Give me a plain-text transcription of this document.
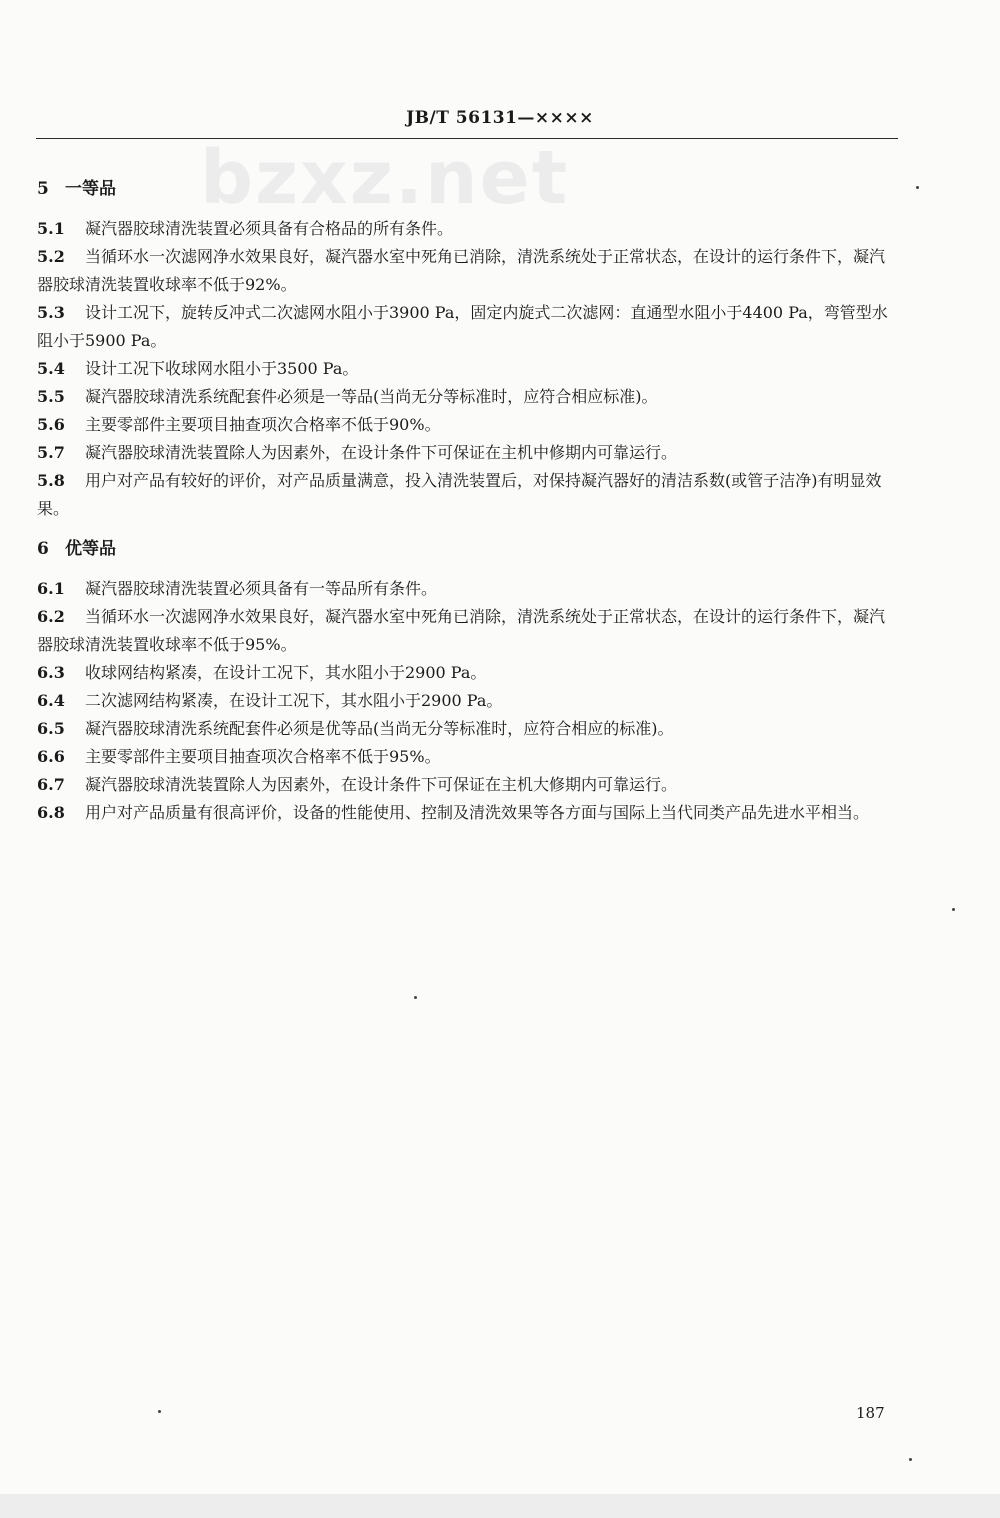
bzxz.net
JB/T 56131—××××
5 一等品

5.1 凝汽器胶球清洗装置必须具备有合格品的所有条件。

5.2 当循环水一次滤网净水效果良好，凝汽器水室中死角已消除，清洗系统处于正常状态，在设计的运行条件下，凝汽器胶球清洗装置收球率不低于92%。

5.3 设计工况下，旋转反冲式二次滤网水阻小于3900 Pa，固定内旋式二次滤网：直通型水阻小于4400 Pa，弯管型水阻小于5900 Pa。

5.4 设计工况下收球网水阻小于3500 Pa。

5.5 凝汽器胶球清洗系统配套件必须是一等品(当尚无分等标准时，应符合相应标准)。

5.6 主要零部件主要项目抽查项次合格率不低于90%。

5.7 凝汽器胶球清洗装置除人为因素外，在设计条件下可保证在主机中修期内可靠运行。

5.8 用户对产品有较好的评价，对产品质量满意，投入清洗装置后，对保持凝汽器好的清洁系数(或管子洁净)有明显效果。

6 优等品

6.1 凝汽器胶球清洗装置必须具备有一等品所有条件。

6.2 当循环水一次滤网净水效果良好，凝汽器水室中死角已消除，清洗系统处于正常状态，在设计的运行条件下，凝汽器胶球清洗装置收球率不低于95%。

6.3 收球网结构紧凑，在设计工况下，其水阻小于2900 Pa。

6.4 二次滤网结构紧凑，在设计工况下，其水阻小于2900 Pa。

6.5 凝汽器胶球清洗系统配套件必须是优等品(当尚无分等标准时，应符合相应的标准)。

6.6 主要零部件主要项目抽查项次合格率不低于95%。

6.7 凝汽器胶球清洗装置除人为因素外，在设计条件下可保证在主机大修期内可靠运行。

6.8 用户对产品质量有很高评价，设备的性能使用、控制及清洗效果等各方面与国际上当代同类产品先进水平相当。

187
